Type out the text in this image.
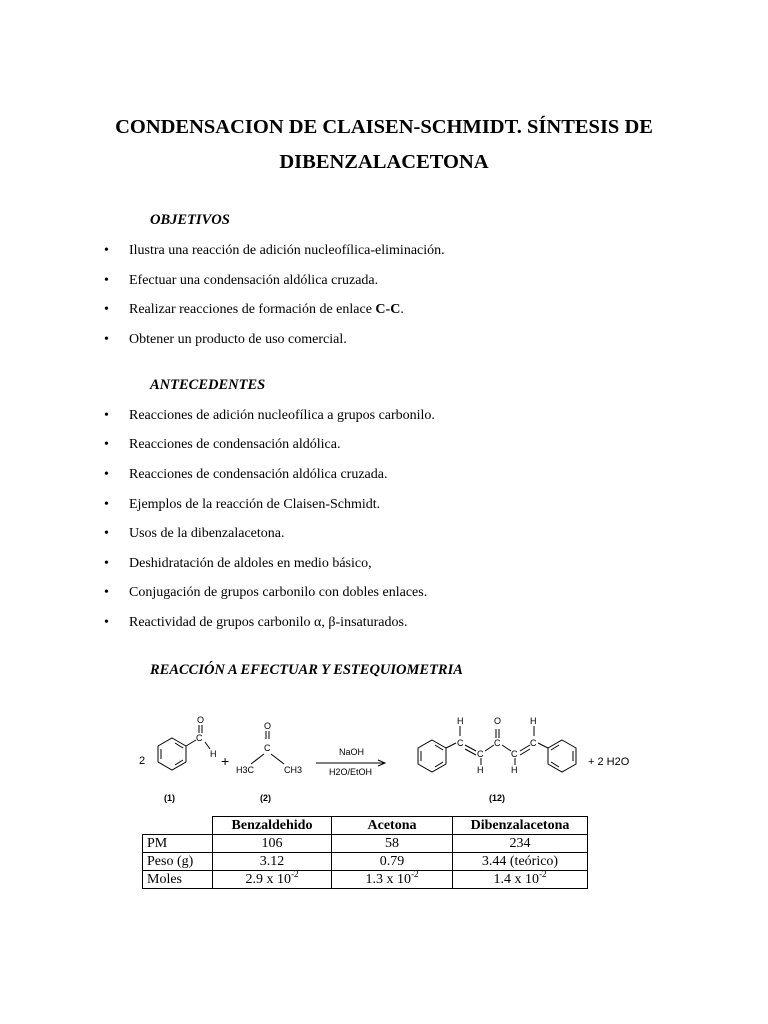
CONDENSACION DE CLAISEN-SCHMIDT. SÍNTESIS DE
DIBENZALACETONA
OBJETIVOS
• Ilustra una reacción de adición nucleofílica-eliminación.
• Efectuar una condensación aldólica cruzada.
• Realizar reacciones de formación de enlace C-C.
• Obtener un producto de uso comercial.
ANTECEDENTES
• Reacciones de adición nucleofílica a grupos carbonilo.
• Reacciones de condensación aldólica.
• Reacciones de condensación aldólica cruzada.
• Ejemplos de la reacción de Claisen-Schmidt.
• Usos de la dibenzalacetona.
• Deshidratación de aldoles en medio básico,
• Conjugación de grupos carbonilo con dobles enlaces.
• Reactividad de grupos carbonilo α, β-insaturados.
REACCIÓN A EFECTUAR Y ESTEQUIOMETRIA
2
O
C
H +
O
C
H3C	CH3
NaOH
H2O/EtOH
H
C
C
H
O
C
C
H
H
C
+ 2 H2O
(1)	(2)	(12)
	Benzaldehido	Acetona	Dibenzalacetona
PM	106	58	234
Peso (g)	3.12	0.79	3.44 (teórico)
Moles	2.9 x $10^{-2}$	1.3 x $10^{-2}$	1.4 x $10^{-2}$
